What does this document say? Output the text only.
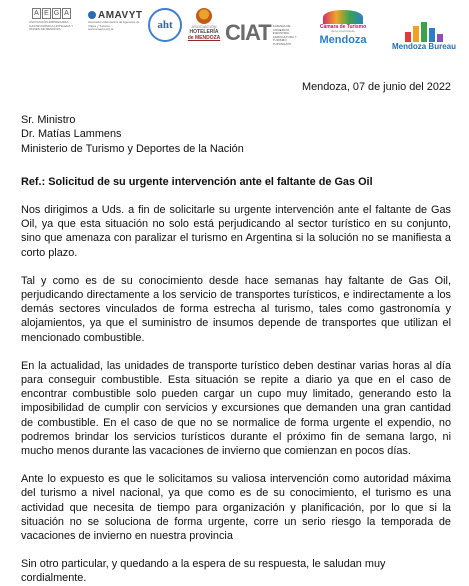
A E G A
ASOCIACIÓN EMPRESARIA GASTRONÓMICA HOTELERA Y AFINES DE MENDOZA
AMAVYT
Asociación Mendocina de Agencias de Viajes y Turismo
www.amavyt.org.ar	aht	ASOCIACIÓN
HOTELERÍA
de MENDOZA CIAT CÁMARA DE COMERCIO, INDUSTRIA, AGRICULTURA Y TURISMO TUPUNGATO
Cámara de Turismo
de la provincia de
Mendoza
Mendoza Bureau
Mendoza, 07 de junio del 2022
Sr. Ministro
Dr. Matías Lammens
Ministerio de Turismo y Deportes de la Nación
Ref.: Solicitud de su urgente intervención ante el faltante de Gas Oil
Nos dirigimos a Uds. a fin de solicitarle su urgente intervención ante el faltante de Gas Oil, ya que esta situación no solo está perjudicando al sector turístico en su conjunto, sino que amenaza con paralizar el turismo en Argentina si la solución no se manifiesta a corto plazo.
Tal y como es de su conocimiento desde hace semanas hay faltante de Gas Oil, perjudicando directamente a los servicio de transportes turísticos, e indirectamente a los demás sectores vinculados de forma estrecha al turismo, tales como gastronomía y alojamientos, ya que el suministro de insumos depende de transportes que utilizan el mencionado combustible.
En la actualidad, las unidades de transporte turístico deben destinar varias horas al día para conseguir combustible. Esta situación se repite a diario ya que en el caso de encontrar combustible solo pueden cargar un cupo muy limitado, generando esto la imposibilidad de cumplir con servicios y excursiones que demanden una gran cantidad de combustible. En el caso de que no se normalice de forma urgente el expendio, no podremos brindar los servicios turísticos durante el próximo fin de semana largo, ni mucho menos durante las vacaciones de invierno que comienzan en pocos días.
Ante lo expuesto es que le solicitamos su valiosa intervención como autoridad máxima del turismo a nivel nacional, ya que como es de su conocimiento, el turismo es una actividad que necesita de tiempo para organización y planificación, por lo que si la situación no se soluciona de forma urgente, corre un serio riesgo la temporada de vacaciones de invierno en nuestra provincia
Sin otro particular, y quedando a la espera de su respuesta, le saludan muy cordialmente.
